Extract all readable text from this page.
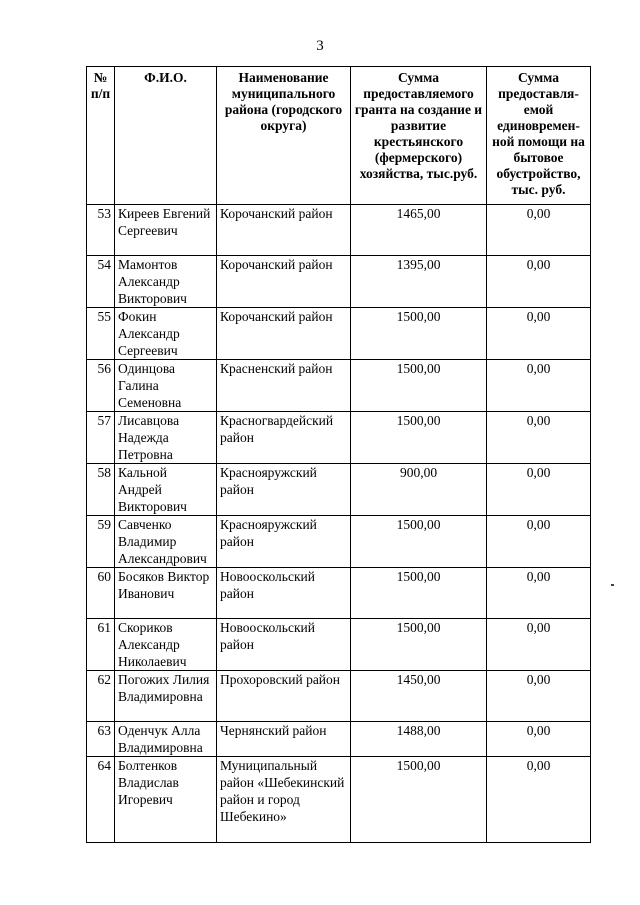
3
№ п/п	Ф.И.О.	Наименование муниципального района (городского округа)	Сумма предоставляемого гранта на создание и развитие крестьянского (фермерского) хозяйства, тыс.руб.	Сумма предоставля-емой единовремен-ной помощи на бытовое обустройство, тыс. руб.
53	Киреев Евгений Сергеевич	Корочанский район	1465,00	0,00
54	Мамонтов Александр Викторович	Корочанский район	1395,00	0,00
55	Фокин Александр Сергеевич	Корочанский район	1500,00	0,00
56	Одинцова Галина Семеновна	Красненский район	1500,00	0,00
57	Лисавцова Надежда Петровна	Красногвардейский район	1500,00	0,00
58	Кальной Андрей Викторович	Краснояружский район	900,00	0,00
59	Савченко Владимир Александрович	Краснояружский район	1500,00	0,00
60	Босяков Виктор Иванович	Новооскольский район	1500,00	0,00
61	Скориков Александр Николаевич	Новооскольский район	1500,00	0,00
62	Погожих Лилия Владимировна	Прохоровский район	1450,00	0,00
63	Оденчук Алла Владимировна	Чернянский район	1488,00	0,00
64	Болтенков Владислав Игоревич	Муниципальный район «Шебекинский район и город Шебекино»	1500,00	0,00
